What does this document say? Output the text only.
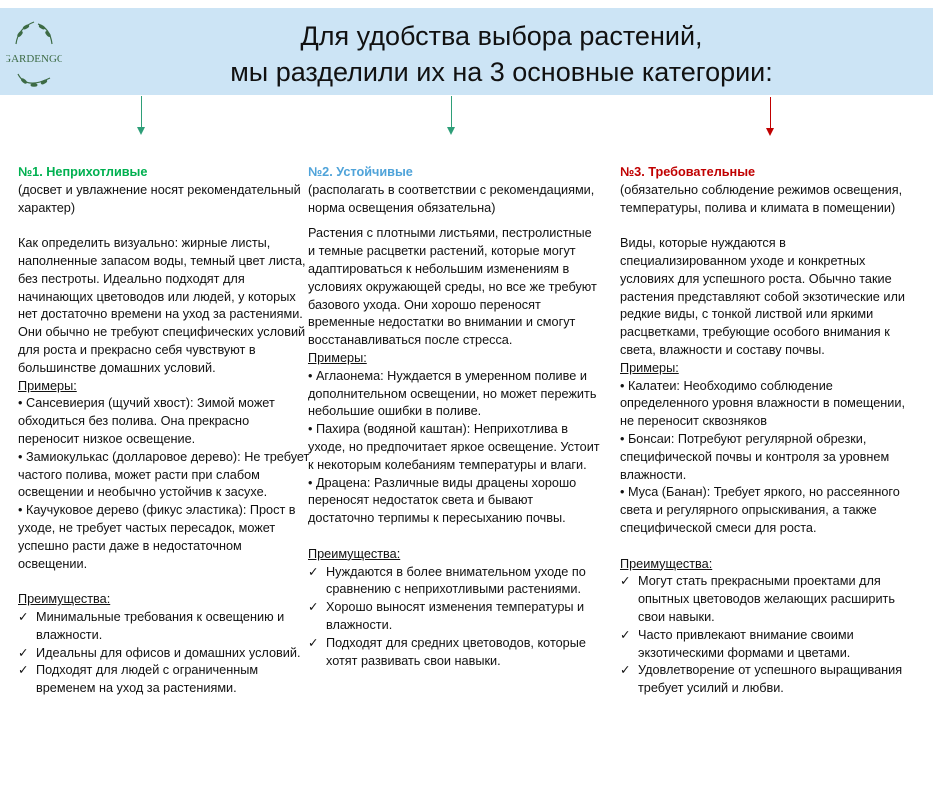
GARDENGO
Для удобства выбора растений,
мы разделили их на 3 основные категории:
№1. Неприхотливые

(досвет и увлажнение носят рекомендательный характер)

Как определить визуально: жирные листы, наполненные запасом воды, темный цвет листа, без пестроты. Идеально подходят для начинающих цветоводов или людей, у которых нет достаточно времени на уход за растениями. Они обычно не требуют специфических условий для роста и прекрасно себя чувствуют в большинстве домашних условий.

Примеры:

• Сансевиерия (щучий хвост): Зимой может обходиться без полива. Она прекрасно переносит низкое освещение.

• Замиокулькас (долларовое дерево): Не требует частого полива, может расти при слабом освещении и необычно устойчив к засухе.

• Каучуковое дерево (фикус эластика): Прост в уходе, не требует частых пересадок, может успешно расти даже в недостаточном освещении.

Преимущества:
✓ Минимальные требования к освещению и влажности.
✓ Идеальны для офисов и домашних условий.
✓ Подходят для людей с ограниченным временем на уход за растениями.
№2. Устойчивые

(располагать в соответствии с рекомендациями, норма освещения обязательна)

Растения с плотными листьями, пестролистные и темные расцветки растений, которые могут адаптироваться к небольшим изменениям в условиях окружающей среды, но все же требуют базового ухода. Они хорошо переносят временные недостатки во внимании и смогут восстанавливаться после стресса.

Примеры:

• Аглаонема: Нуждается в умеренном поливе и дополнительном освещении, но может пережить небольшие ошибки в поливе.

• Пахира (водяной каштан): Неприхотлива в уходе, но предпочитает яркое освещение. Устоит к некоторым колебаниям температуры и влаги.

• Драцена: Различные виды драцены хорошо переносят недостаток света и бывают достаточно терпимы к пересыханию почвы.

Преимущества:
✓ Нуждаются в более внимательном уходе по сравнению с неприхотливыми растениями.
✓ Хорошо выносят изменения температуры и влажности.
✓ Подходят для средних цветоводов, которые хотят развивать свои навыки.
№3. Требовательные

(обязательно соблюдение режимов освещения, температуры, полива и климата в помещении)

Виды, которые нуждаются в специализированном уходе и конкретных условиях для успешного роста. Обычно такие растения представляют собой экзотические или редкие виды, с тонкой листвой или яркими расцветками, требующие особого внимания к света, влажности и составу почвы.

Примеры:

• Калатеи: Необходимо соблюдение определенного уровня влажности в помещении, не переносит сквозняков

• Бонсаи: Потребуют регулярной обрезки, специфической почвы и контроля за уровнем влажности.

• Муса (Банан): Требует яркого, но рассеянного света и регулярного опрыскивания, а также специфической смеси для роста.

Преимущества:
✓ Могут стать прекрасными проектами для опытных цветоводов желающих расширить свои навыки.
✓ Часто привлекают внимание своими экзотическими формами и цветами.
✓ Удовлетворение от успешного выращивания требует усилий и любви.
